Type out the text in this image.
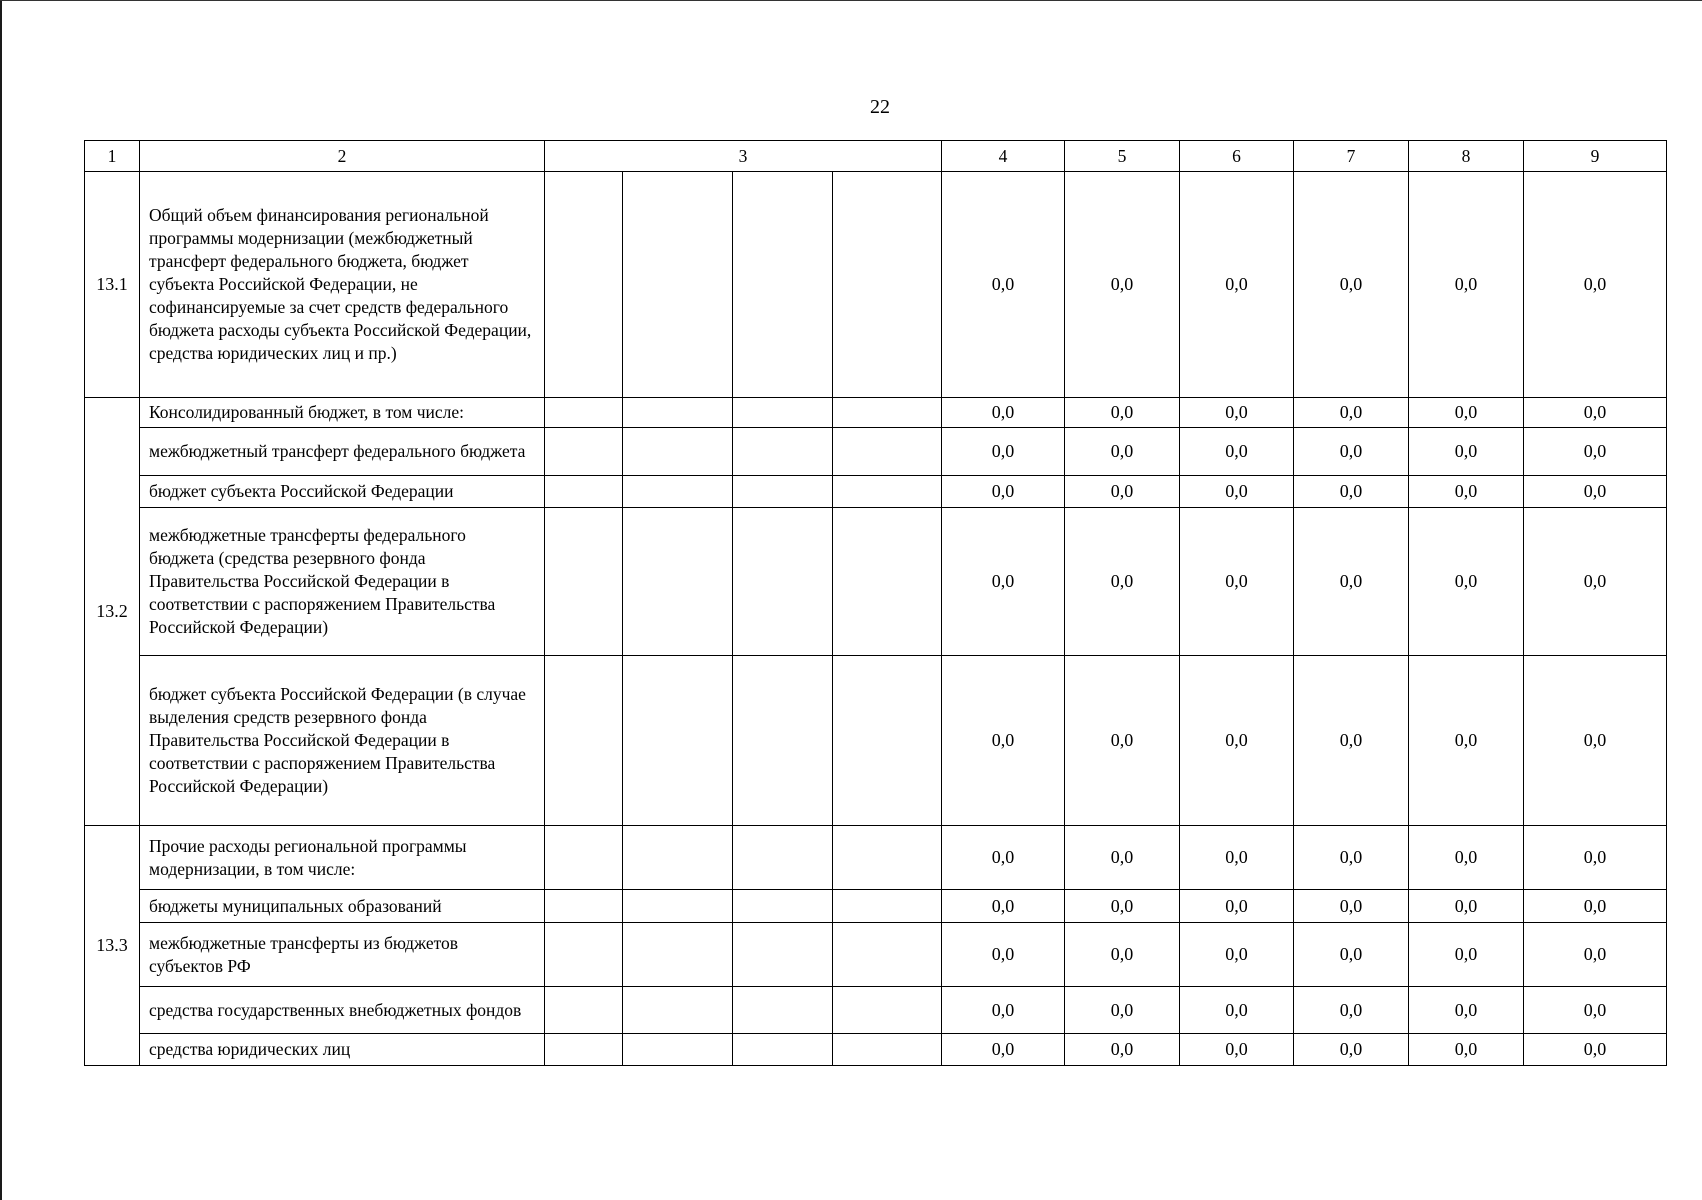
22
1	2	3				4	5	6	7	8	9
13.1	Общий объем финансирования региональной программы модернизации (межбюджетный трансферт федерального бюджета, бюджет субъекта Российской Федерации, не софинансируемые за счет средств федерального бюджета расходы субъекта Российской Федерации, средства юридических лиц и пр.)					0,0	0,0	0,0	0,0	0,0	0,0
13.2	Консолидированный бюджет, в том числе:					0,0	0,0	0,0	0,0	0,0	0,0
	межбюджетный трансферт федерального бюджета					0,0	0,0	0,0	0,0	0,0	0,0
	бюджет субъекта Российской Федерации					0,0	0,0	0,0	0,0	0,0	0,0
	межбюджетные трансферты федерального бюджета (средства резервного фонда Правительства Российской Федерации в соответствии с распоряжением Правительства Российской Федерации)					0,0	0,0	0,0	0,0	0,0	0,0
	бюджет субъекта Российской Федерации (в случае выделения средств резервного фонда Правительства Российской Федерации в соответствии с распоряжением Правительства Российской Федерации)					0,0	0,0	0,0	0,0	0,0	0,0
13.3	Прочие расходы региональной программы модернизации, в том числе:					0,0	0,0	0,0	0,0	0,0	0,0
	бюджеты муниципальных образований					0,0	0,0	0,0	0,0	0,0	0,0
	межбюджетные трансферты из бюджетов субъектов РФ					0,0	0,0	0,0	0,0	0,0	0,0
	средства государственных внебюджетных фондов					0,0	0,0	0,0	0,0	0,0	0,0
	средства юридических лиц					0,0	0,0	0,0	0,0	0,0	0,0
